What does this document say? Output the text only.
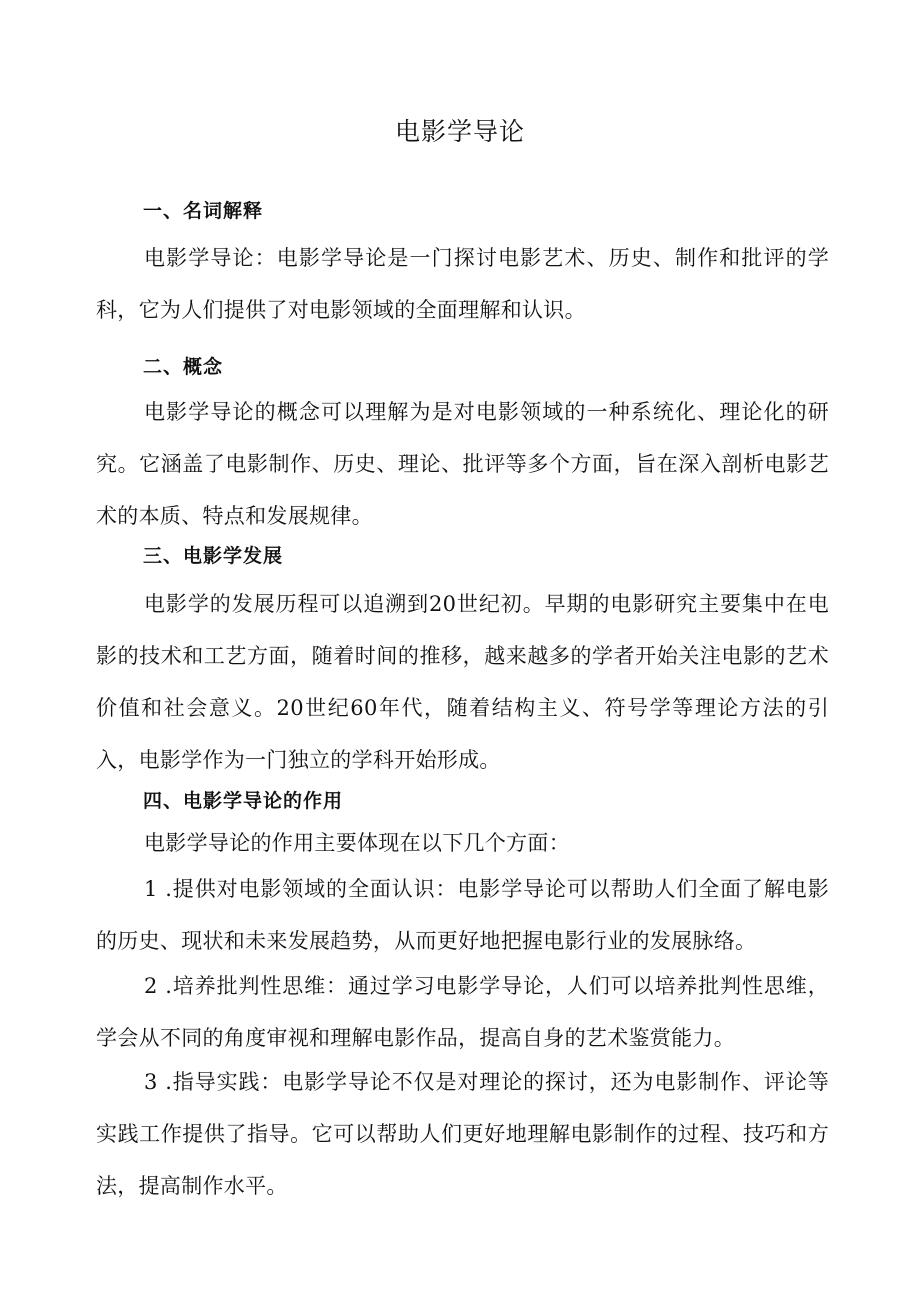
电影学导论
一、名词解释

电影学导论：电影学导论是一门探讨电影艺术、历史、制作和批评的学科，它为人们提供了对电影领域的全面理解和认识。

二、概念

电影学导论的概念可以理解为是对电影领域的一种系统化、理论化的研究。它涵盖了电影制作、历史、理论、批评等多个方面，旨在深入剖析电影艺术的本质、特点和发展规律。

三、电影学发展

电影学的发展历程可以追溯到20世纪初。早期的电影研究主要集中在电影的技术和工艺方面，随着时间的推移，越来越多的学者开始关注电影的艺术价值和社会意义。20世纪60年代，随着结构主义、符号学等理论方法的引入，电影学作为一门独立的学科开始形成。

四、电影学导论的作用

电影学导论的作用主要体现在以下几个方面：

1 .提供对电影领域的全面认识：电影学导论可以帮助人们全面了解电影的历史、现状和未来发展趋势，从而更好地把握电影行业的发展脉络。

2 .培养批判性思维：通过学习电影学导论，人们可以培养批判性思维，学会从不同的角度审视和理解电影作品，提高自身的艺术鉴赏能力。

3 .指导实践：电影学导论不仅是对理论的探讨，还为电影制作、评论等实践工作提供了指导。它可以帮助人们更好地理解电影制作的过程、技巧和方法，提高制作水平。
